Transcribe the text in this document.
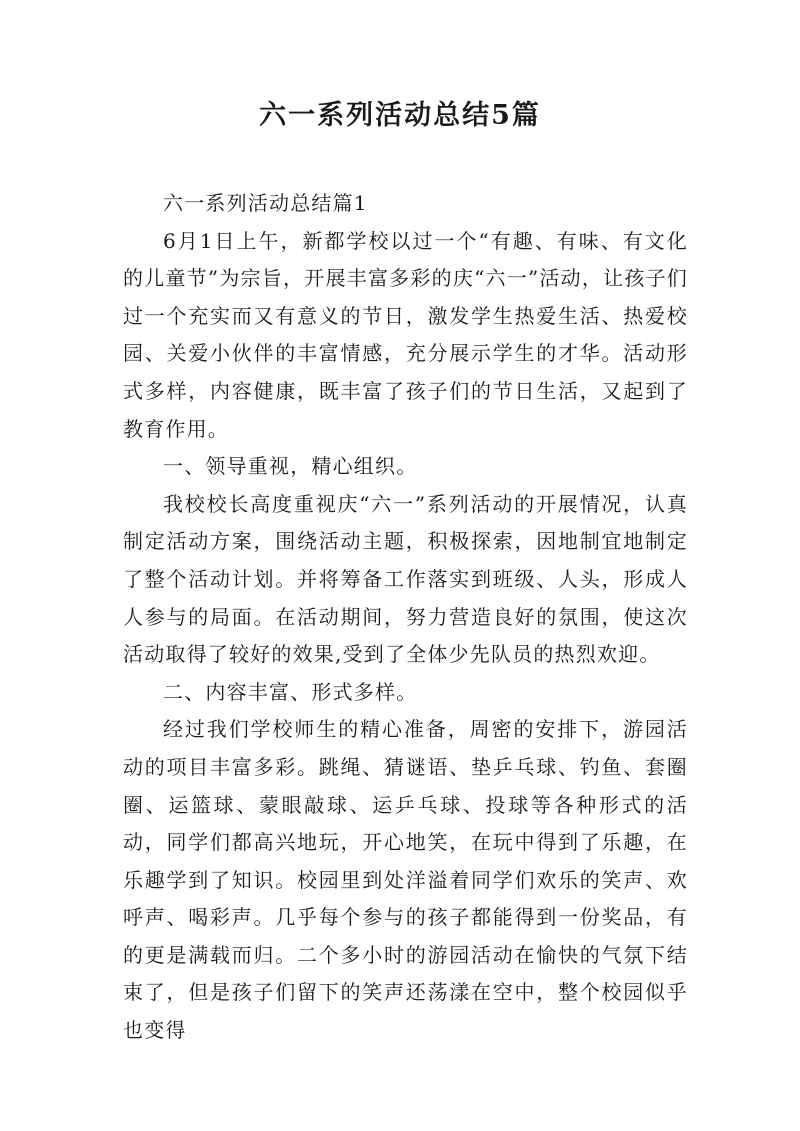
六一系列活动总结5篇

六一系列活动总结篇1

6月1日上午，新都学校以过一个“有趣、有味、有文化的儿童节”为宗旨，开展丰富多彩的庆“六一”活动，让孩子们过一个充实而又有意义的节日，激发学生热爱生活、热爱校园、关爱小伙伴的丰富情感，充分展示学生的才华。活动形式多样，内容健康，既丰富了孩子们的节日生活，又起到了教育作用。

一、领导重视，精心组织。

我校校长高度重视庆“六一”系列活动的开展情况，认真制定活动方案，围绕活动主题，积极探索，因地制宜地制定了整个活动计划。并将筹备工作落实到班级、人头，形成人人参与的局面。在活动期间，努力营造良好的氛围，使这次活动取得了较好的效果,受到了全体少先队员的热烈欢迎。

二、内容丰富、形式多样。

经过我们学校师生的精心准备，周密的安排下，游园活动的项目丰富多彩。跳绳、猜谜语、垫乒乓球、钓鱼、套圈圈、运篮球、蒙眼敲球、运乒乓球、投球等各种形式的活动，同学们都高兴地玩，开心地笑，在玩中得到了乐趣，在乐趣学到了知识。校园里到处洋溢着同学们欢乐的笑声、欢呼声、喝彩声。几乎每个参与的孩子都能得到一份奖品，有的更是满载而归。二个多小时的游园活动在愉快的气氛下结束了，但是孩子们留下的笑声还荡漾在空中，整个校园似乎也变得
